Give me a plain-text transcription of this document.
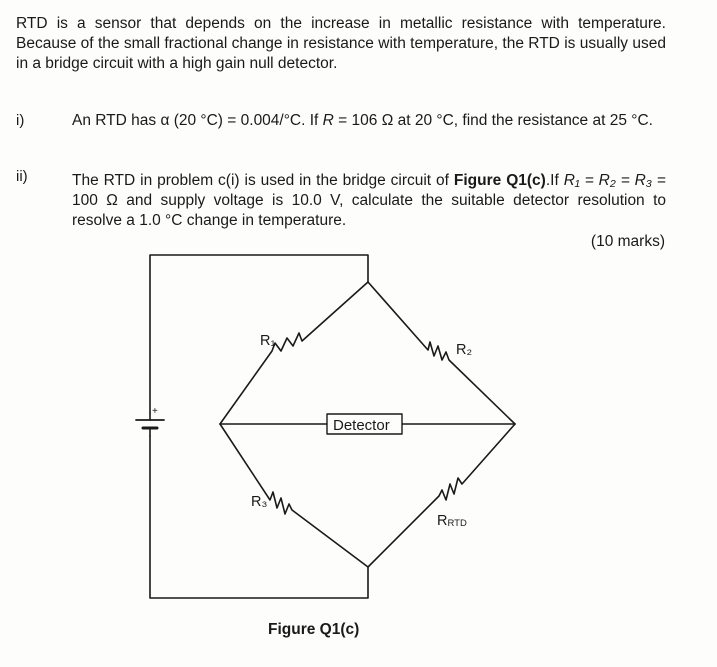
RTD is a sensor that depends on the increase in metallic resistance with temperature. Because of the small fractional change in resistance with temperature, the RTD is usually used in a bridge circuit with a high gain null detector.
i)	An RTD has α (20 °C) = 0.004/°C. If R = 106 Ω at 20 °C, find the resistance at 25 °C.
ii)	The RTD in problem c(i) is used in the bridge circuit of Figure Q1(c).If R₁ = R₂ = R₃ = 100 Ω and supply voltage is 10.0 V, calculate the suitable detector resolution to resolve a 1.0 °C change in temperature.
(10 marks)
+
Detector
R₁
R₂
R₃
RRTD
Figure Q1(c)
